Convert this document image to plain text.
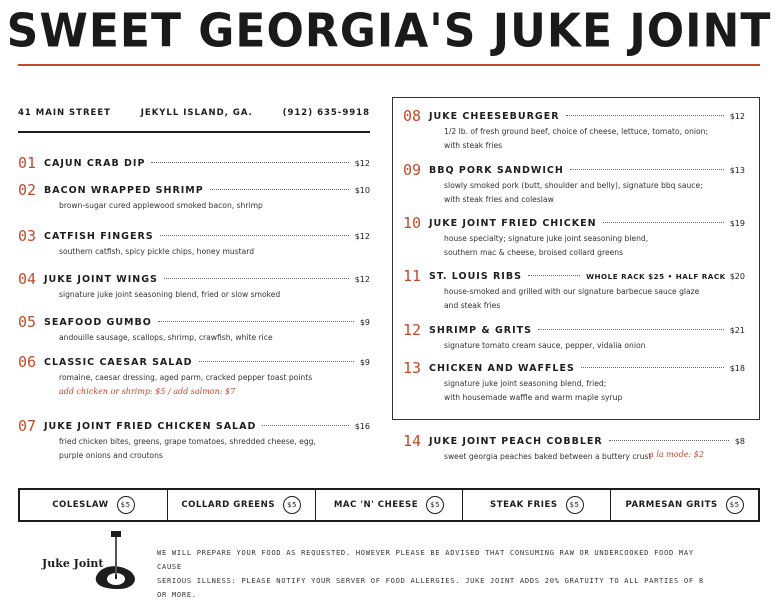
SWEET GEORGIA'S JUKE JOINT
41 MAIN STREET	JEKYLL ISLAND, GA.	(912) 635-9918
01 CAJUN CRAB DIP	$12
02 BACON WRAPPED SHRIMP	$10
brown-sugar cured applewood smoked bacon, shrimp
03 CATFISH FINGERS	$12
southern catfish, spicy pickle chips, honey mustard
04 JUKE JOINT WINGS	$12
signature juke joint seasoning blend, fried or slow smoked
05 SEAFOOD GUMBO	$9
andouille sausage, scallops, shrimp, crawfish, white rice
06 CLASSIC CAESAR SALAD	$9
romaine, caesar dressing, aged parm, cracked pepper toast points
add chicken or shrimp: $5 / add salmon: $7
07 JUKE JOINT FRIED CHICKEN SALAD	$16
fried chicken bites, greens, grape tomatoes, shredded cheese, egg,
purple onions and croutons
08 JUKE CHEESEBURGER	$12
1/2 lb. of fresh ground beef, choice of cheese, lettuce, tomato, onion;
with steak fries
09 BBQ PORK SANDWICH	$13
slowly smoked pork (butt, shoulder and belly), signature bbq sauce;
with steak fries and coleslaw
10 JUKE JOINT FRIED CHICKEN	$19
house specialty; signature juke joint seasoning blend,
southern mac & cheese, broised collard greens
11 ST. LOUIS RIBS	WHOLE RACK $25 • HALF RACK $20
house-smoked and grilled with our signature barbecue sauce glaze
and steak fries
12 SHRIMP & GRITS	$21
signature tomato cream sauce, pepper, vidalia onion
13 CHICKEN AND WAFFLES	$18
signature juke joint seasoning blend, fried;
with housemade waffle and warm maple syrup
14 JUKE JOINT PEACH COBBLER	$8
sweet georgia peaches baked between a buttery crust
a la mode: $2
COLESLAW	$5	COLLARD GREENS	$5	MAC 'N' CHEESE	$5	STEAK FRIES	$5	PARMESAN GRITS	$5
Juke Joint
WE WILL PREPARE YOUR FOOD AS REQUESTED. HOWEVER PLEASE BE ADVISED THAT CONSUMING RAW OR UNDERCOOKED FOOD MAY CAUSE
SERIOUS ILLNESS: PLEASE NOTIFY YOUR SERVER OF FOOD ALLERGIES. JUKE JOINT ADDS 20% GRATUITY TO ALL PARTIES OF 8 OR MORE.
